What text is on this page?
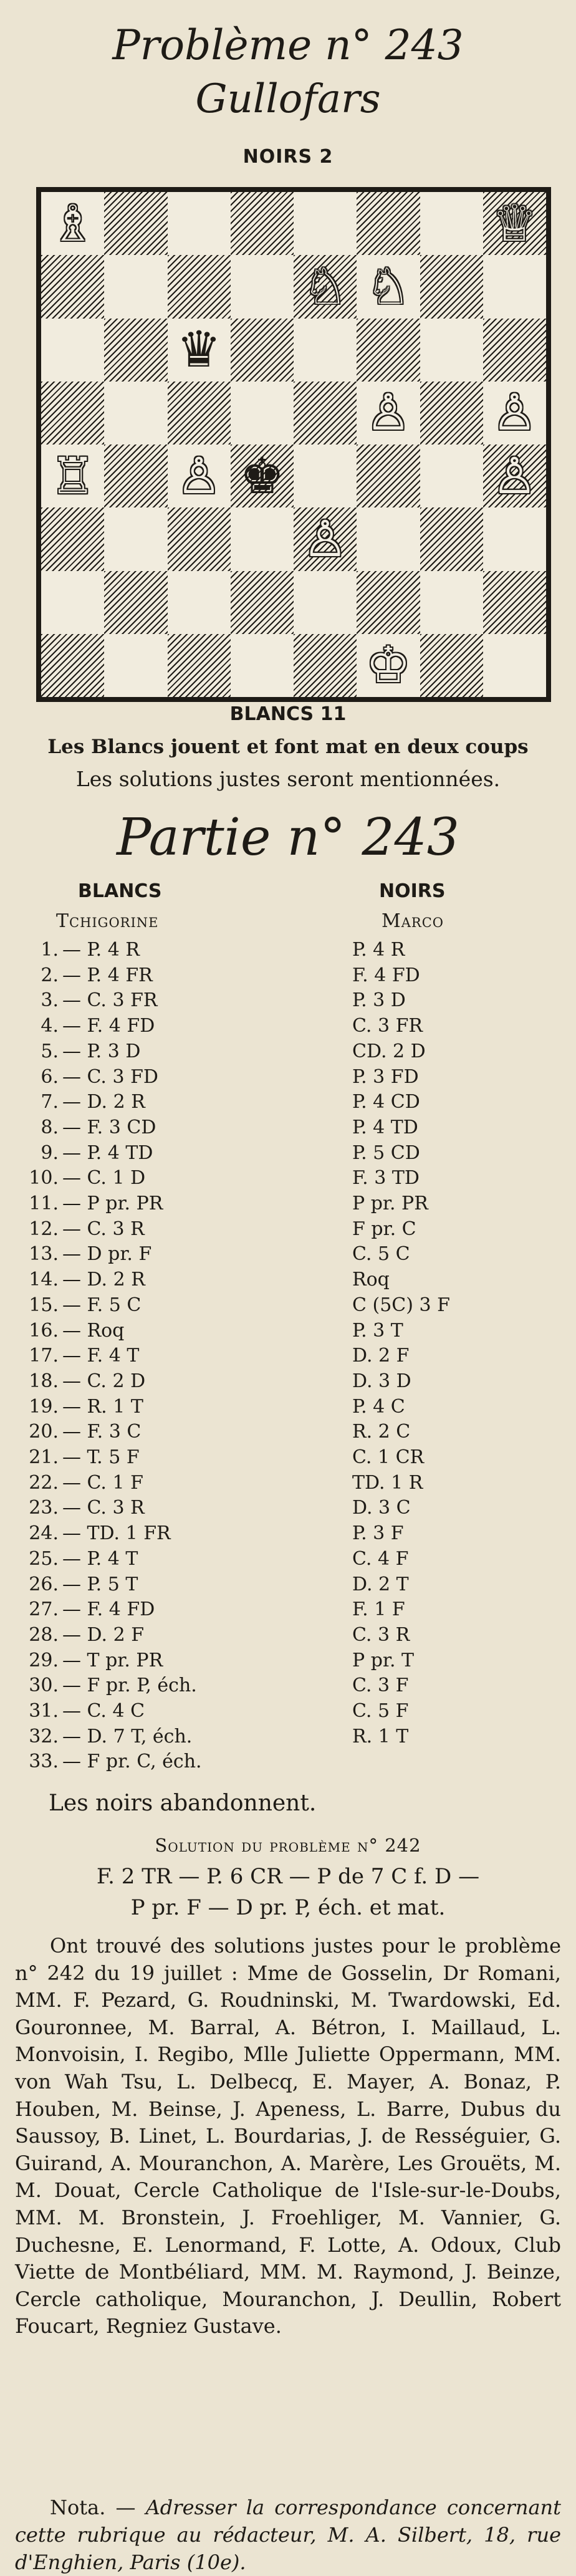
Problème n° 243
Gullofars
NOIRS 2
♗	♕
♘ ♘
♛
♙ ♙
♖ ♙ ♚	♙
♙
♔
BLANCS 11
Les Blancs jouent et font mat en deux coups
Les solutions justes seront mentionnées.
Partie n° 243
BLANCS	NOIRS
Tchigorine	Marco
1. — P. 4 R	P. 4 R
2. — P. 4 FR	F. 4 FD
3. — C. 3 FR	P. 3 D
4. — F. 4 FD	C. 3 FR
5. — P. 3 D	CD. 2 D
6. — C. 3 FD	P. 3 FD
7. — D. 2 R	P. 4 CD
8. — F. 3 CD	P. 4 TD
9. — P. 4 TD	P. 5 CD
10. — C. 1 D	F. 3 TD
11. — P pr. PR	P pr. PR
12. — C. 3 R	F pr. C
13. — D pr. F	C. 5 C
14. — D. 2 R	Roq
15. — F. 5 C	C (5C) 3 F
16. — Roq	P. 3 T
17. — F. 4 T	D. 2 F
18. — C. 2 D	D. 3 D
19. — R. 1 T	P. 4 C
20. — F. 3 C	R. 2 C
21. — T. 5 F	C. 1 CR
22. — C. 1 F	TD. 1 R
23. — C. 3 R	D. 3 C
24. — TD. 1 FR	P. 3 F
25. — P. 4 T	C. 4 F
26. — P. 5 T	D. 2 T
27. — F. 4 FD	F. 1 F
28. — D. 2 F	C. 3 R
29. — T pr. PR	P pr. T
30. — F pr. P, éch.	C. 3 F
31. — C. 4 C	C. 5 F
32. — D. 7 T, éch.	R. 1 T
33. — F pr. C, éch.
Les noirs abandonnent.
Solution du problème n° 242
F. 2 TR — P. 6 CR — P de 7 C f. D —
P pr. F — D pr. P, éch. et mat.
Ont trouvé des solutions justes pour le problème n° 242 du 19 juillet : Mme de Gosselin, Dr Romani, MM. F. Pezard, G. Roudninski, M. Twardowski, Ed. Gouronnee, M. Barral, A. Bétron, I. Maillaud, L. Monvoisin, I. Regibo, Mlle Juliette Oppermann, MM. von Wah Tsu, L. Delbecq, E. Mayer, A. Bonaz, P. Houben, M. Beinse, J. Apeness, L. Barre, Dubus du Saussoy, B. Linet, L. Bourdarias, J. de Rességuier, G. Guirand, A. Mouranchon, A. Marère, Les Grouëts, M. M. Douat, Cercle Catholique de l'Isle-sur-le-Doubs, MM. M. Bronstein, J. Froehliger, M. Vannier, G. Duchesne, E. Lenormand, F. Lotte, A. Odoux, Club Viette de Montbéliard, MM. M. Raymond, J. Beinze, Cercle catholique, Mouranchon, J. Deullin, Robert Foucart, Regniez Gustave.
Nota. — Adresser la correspondance concernant cette rubrique au rédacteur, M. A. Silbert, 18, rue d'Enghien, Paris (10e).
